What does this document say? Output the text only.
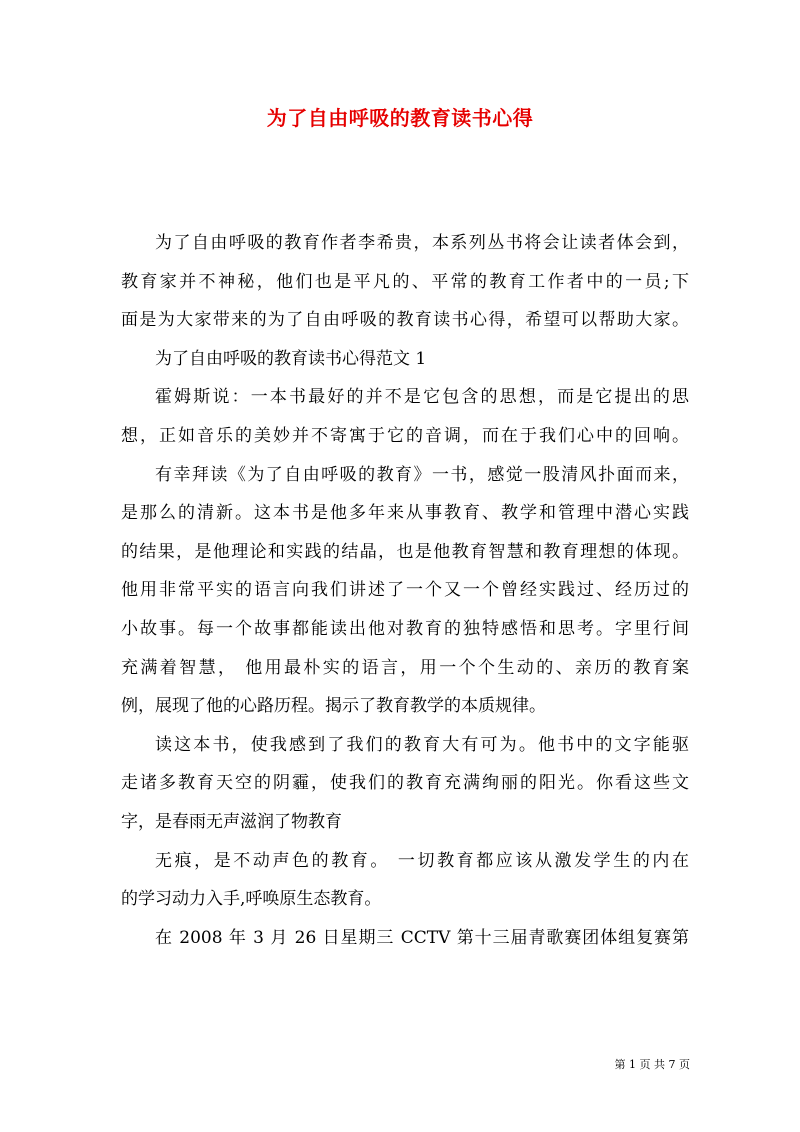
为了自由呼吸的教育读书心得
为了自由呼吸的教育作者李希贵，本系列丛书将会让读者体会到，
教育家并不神秘，他们也是平凡的、平常的教育工作者中的一员;下
面是为大家带来的为了自由呼吸的教育读书心得，希望可以帮助大家。
为了自由呼吸的教育读书心得范文 1
霍姆斯说：一本书最好的并不是它包含的思想，而是它提出的思
想，正如音乐的美妙并不寄寓于它的音调，而在于我们心中的回响。
有幸拜读《为了自由呼吸的教育》一书，感觉一股清风扑面而来，
是那么的清新。这本书是他多年来从事教育、教学和管理中潜心实践
的结果，是他理论和实践的结晶，也是他教育智慧和教育理想的体现。
他用非常平实的语言向我们讲述了一个又一个曾经实践过、经历过的
小故事。每一个故事都能读出他对教育的独特感悟和思考。字里行间
充满着智慧， 他用最朴实的语言，用一个个生动的、亲历的教育案
例，展现了他的心路历程。揭示了教育教学的本质规律。
读这本书，使我感到了我们的教育大有可为。他书中的文字能驱
走诸多教育天空的阴霾，使我们的教育充满绚丽的阳光。你看这些文
字，是春雨无声滋润了物教育
无痕，是不动声色的教育。 一切教育都应该从激发学生的内在
的学习动力入手,呼唤原生态教育。
在 2008 年 3 月 26 日星期三 CCTV 第十三届青歌赛团体组复赛第
第 1 页 共 7 页
